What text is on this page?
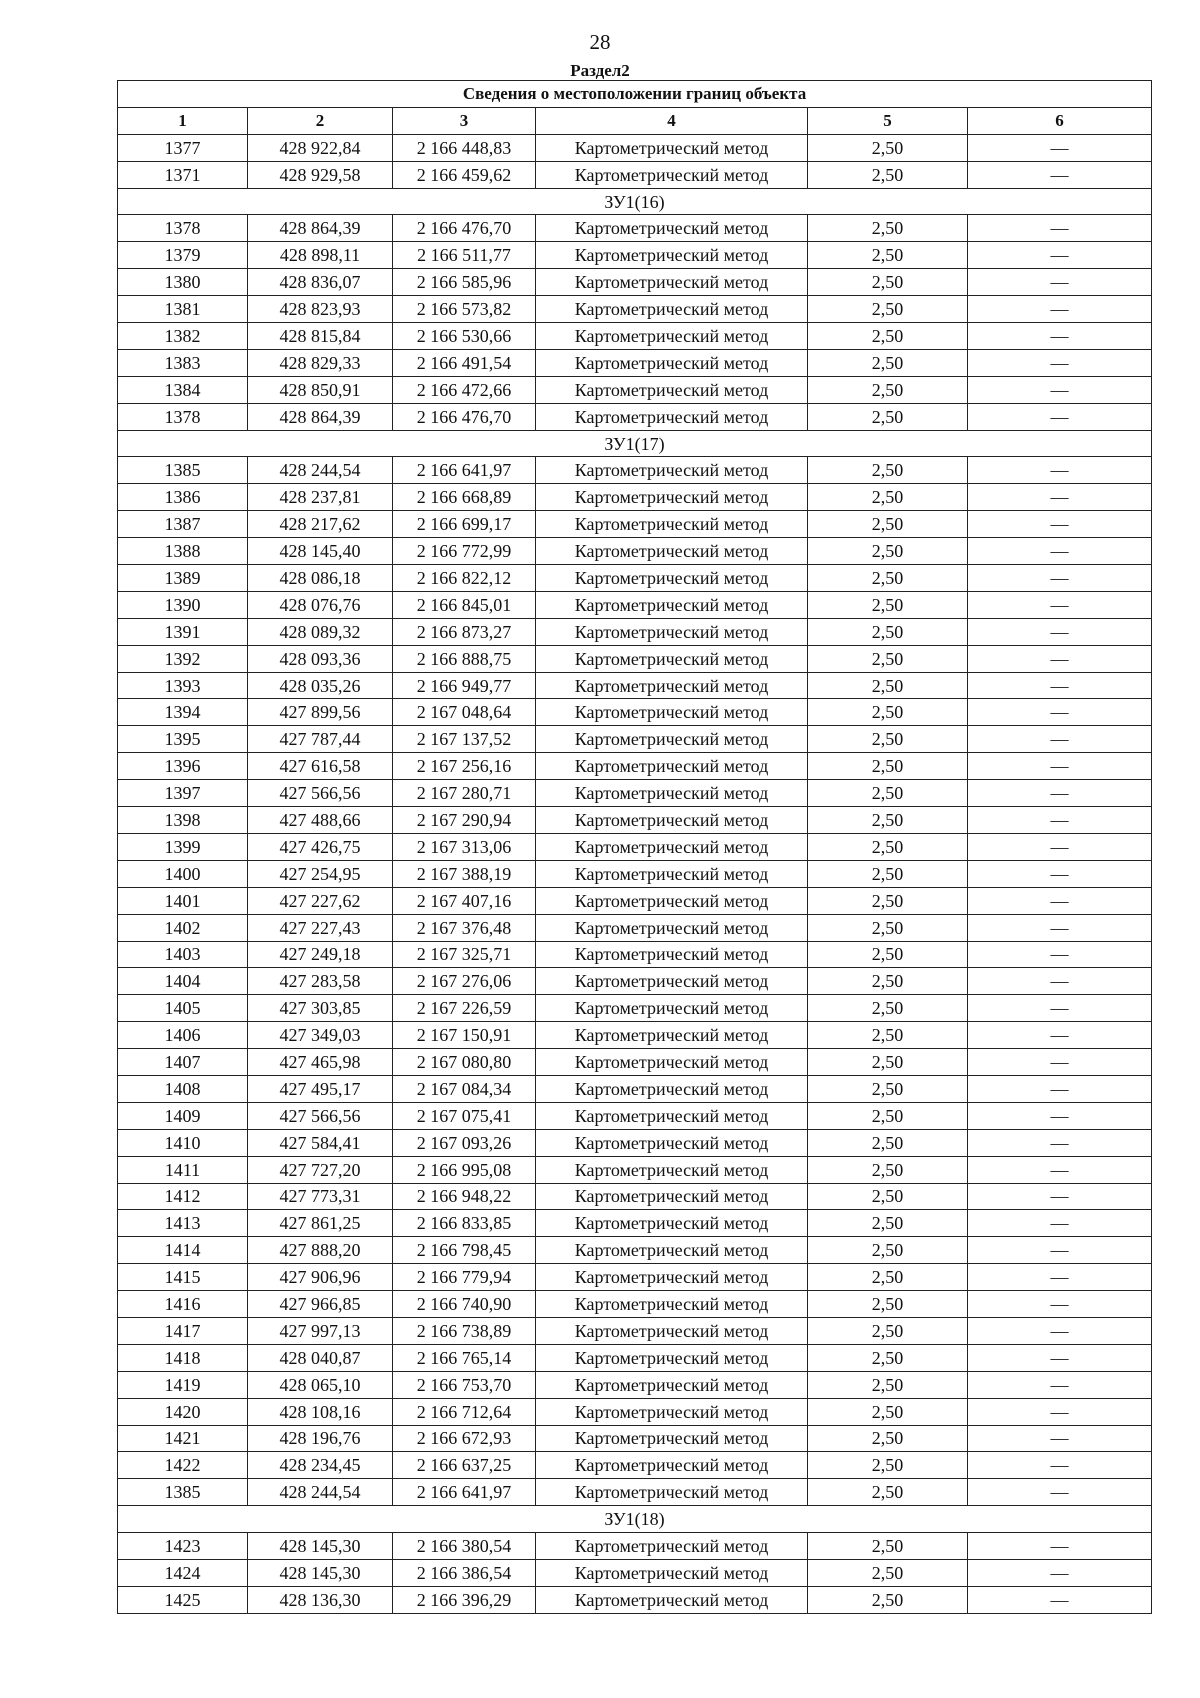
28
Раздел2
Сведения о местоположении границ объекта					
1	2	3	4	5	6
1377	428 922,84	2 166 448,83	Картометрический метод	2,50	—
1371	428 929,58	2 166 459,62	Картометрический метод	2,50	—
ЗУ1(16)					
1378	428 864,39	2 166 476,70	Картометрический метод	2,50	—
1379	428 898,11	2 166 511,77	Картометрический метод	2,50	—
1380	428 836,07	2 166 585,96	Картометрический метод	2,50	—
1381	428 823,93	2 166 573,82	Картометрический метод	2,50	—
1382	428 815,84	2 166 530,66	Картометрический метод	2,50	—
1383	428 829,33	2 166 491,54	Картометрический метод	2,50	—
1384	428 850,91	2 166 472,66	Картометрический метод	2,50	—
1378	428 864,39	2 166 476,70	Картометрический метод	2,50	—
ЗУ1(17)					
1385	428 244,54	2 166 641,97	Картометрический метод	2,50	—
1386	428 237,81	2 166 668,89	Картометрический метод	2,50	—
1387	428 217,62	2 166 699,17	Картометрический метод	2,50	—
1388	428 145,40	2 166 772,99	Картометрический метод	2,50	—
1389	428 086,18	2 166 822,12	Картометрический метод	2,50	—
1390	428 076,76	2 166 845,01	Картометрический метод	2,50	—
1391	428 089,32	2 166 873,27	Картометрический метод	2,50	—
1392	428 093,36	2 166 888,75	Картометрический метод	2,50	—
1393	428 035,26	2 166 949,77	Картометрический метод	2,50	—
1394	427 899,56	2 167 048,64	Картометрический метод	2,50	—
1395	427 787,44	2 167 137,52	Картометрический метод	2,50	—
1396	427 616,58	2 167 256,16	Картометрический метод	2,50	—
1397	427 566,56	2 167 280,71	Картометрический метод	2,50	—
1398	427 488,66	2 167 290,94	Картометрический метод	2,50	—
1399	427 426,75	2 167 313,06	Картометрический метод	2,50	—
1400	427 254,95	2 167 388,19	Картометрический метод	2,50	—
1401	427 227,62	2 167 407,16	Картометрический метод	2,50	—
1402	427 227,43	2 167 376,48	Картометрический метод	2,50	—
1403	427 249,18	2 167 325,71	Картометрический метод	2,50	—
1404	427 283,58	2 167 276,06	Картометрический метод	2,50	—
1405	427 303,85	2 167 226,59	Картометрический метод	2,50	—
1406	427 349,03	2 167 150,91	Картометрический метод	2,50	—
1407	427 465,98	2 167 080,80	Картометрический метод	2,50	—
1408	427 495,17	2 167 084,34	Картометрический метод	2,50	—
1409	427 566,56	2 167 075,41	Картометрический метод	2,50	—
1410	427 584,41	2 167 093,26	Картометрический метод	2,50	—
1411	427 727,20	2 166 995,08	Картометрический метод	2,50	—
1412	427 773,31	2 166 948,22	Картометрический метод	2,50	—
1413	427 861,25	2 166 833,85	Картометрический метод	2,50	—
1414	427 888,20	2 166 798,45	Картометрический метод	2,50	—
1415	427 906,96	2 166 779,94	Картометрический метод	2,50	—
1416	427 966,85	2 166 740,90	Картометрический метод	2,50	—
1417	427 997,13	2 166 738,89	Картометрический метод	2,50	—
1418	428 040,87	2 166 765,14	Картометрический метод	2,50	—
1419	428 065,10	2 166 753,70	Картометрический метод	2,50	—
1420	428 108,16	2 166 712,64	Картометрический метод	2,50	—
1421	428 196,76	2 166 672,93	Картометрический метод	2,50	—
1422	428 234,45	2 166 637,25	Картометрический метод	2,50	—
1385	428 244,54	2 166 641,97	Картометрический метод	2,50	—
ЗУ1(18)					
1423	428 145,30	2 166 380,54	Картометрический метод	2,50	—
1424	428 145,30	2 166 386,54	Картометрический метод	2,50	—
1425	428 136,30	2 166 396,29	Картометрический метод	2,50	—
